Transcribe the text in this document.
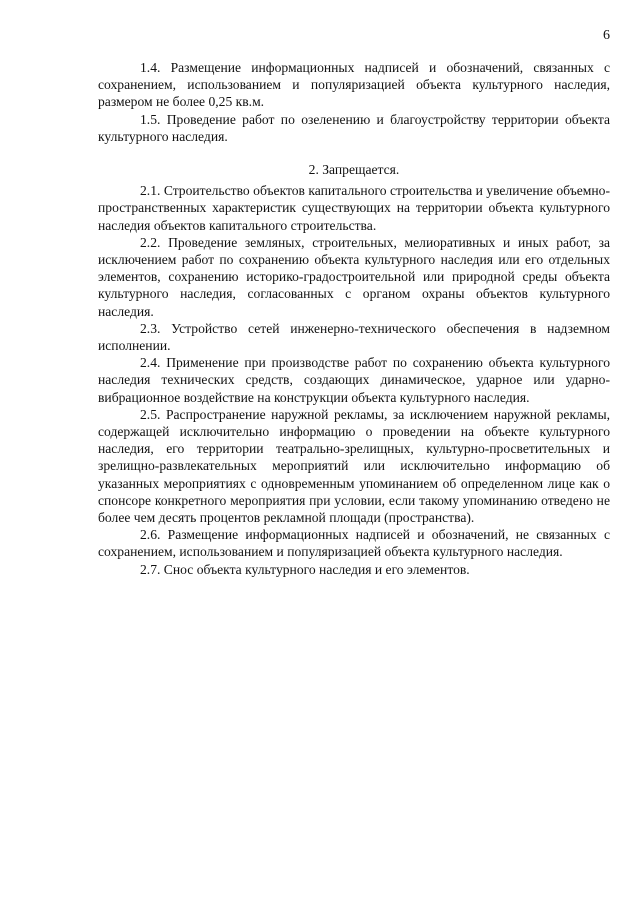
6

1.4. Размещение информационных надписей и обозначений, связанных с сохранением, использованием и популяризацией объекта культурного наследия, размером не более 0,25 кв.м.

1.5. Проведение работ по озеленению и благоустройству территории объекта культурного наследия.

2. Запрещается.

2.1. Строительство объектов капитального строительства и увеличение объемно-пространственных характеристик существующих на территории объекта культурного наследия объектов капитального строительства.

2.2. Проведение земляных, строительных, мелиоративных и иных работ, за исключением работ по сохранению объекта культурного наследия или его отдельных элементов, сохранению историко-градостроительной или природной среды объекта культурного наследия, согласованных с органом охраны объектов культурного наследия.

2.3. Устройство сетей инженерно-технического обеспечения в надземном исполнении.

2.4. Применение при производстве работ по сохранению объекта культурного наследия технических средств, создающих динамическое, ударное или ударно-вибрационное воздействие на конструкции объекта культурного наследия.

2.5. Распространение наружной рекламы, за исключением наружной рекламы, содержащей исключительно информацию о проведении на объекте культурного наследия, его территории театрально-зрелищных, культурно-просветительных и зрелищно-развлекательных мероприятий или исключительно информацию об указанных мероприятиях с одновременным упоминанием об определенном лице как о спонсоре конкретного мероприятия при условии, если такому упоминанию отведено не более чем десять процентов рекламной площади (пространства).

2.6. Размещение информационных надписей и обозначений, не связанных с сохранением, использованием и популяризацией объекта культурного наследия.

2.7. Снос объекта культурного наследия и его элементов.
